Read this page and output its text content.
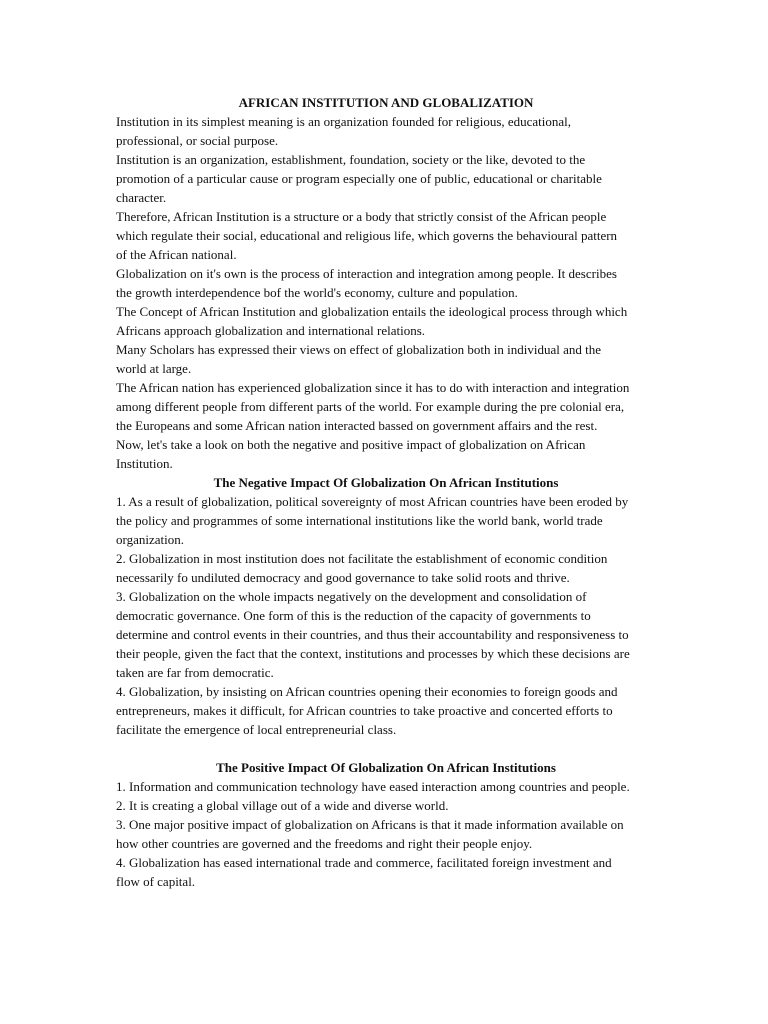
AFRICAN INSTITUTION AND GLOBALIZATION

Institution in its simplest meaning is an organization founded for religious, educational,

professional, or social purpose.

Institution is an organization, establishment, foundation, society or the like, devoted to the

promotion of a particular cause or program especially one of public, educational or charitable

character.

Therefore, African Institution is a structure or a body that strictly consist of the African people

which regulate their social, educational and religious life, which governs the behavioural pattern

of the African national.

Globalization on it's own is the process of interaction and integration among people. It describes

the growth interdependence bof the world's economy, culture and population.

The Concept of African Institution and globalization entails the ideological process through which

Africans approach globalization and international relations.

Many Scholars has expressed their views on effect of globalization both in individual and the

world at large.

The African nation has experienced globalization since it has to do with interaction and integration

among different people from different parts of the world. For example during the pre colonial era,

the Europeans and some African nation interacted bassed on government affairs and the rest.

Now, let's take a look on both the negative and positive impact of globalization on African

Institution.

The Negative Impact Of Globalization On African Institutions

1. As a result of globalization, political sovereignty of most African countries have been eroded by

the policy and programmes of some international institutions like the world bank, world trade

organization.

2. Globalization in most institution does not facilitate the establishment of economic condition

necessarily fo undiluted democracy and good governance to take solid roots and thrive.

3. Globalization on the whole impacts negatively on the development and consolidation of

democratic governance. One form of this is the reduction of the capacity of governments to

determine and control events in their countries, and thus their accountability and responsiveness to

their people, given the fact that the context, institutions and processes by which these decisions are

taken are far from democratic.

4. Globalization, by insisting on African countries opening their economies to foreign goods and

entrepreneurs, makes it difficult, for African countries to take proactive and concerted efforts to

facilitate the emergence of local entrepreneurial class.

The Positive Impact Of Globalization On African Institutions

1. Information and communication technology have eased interaction among countries and people.

2. It is creating a global village out of a wide and diverse world.

3. One major positive impact of globalization on Africans is that it made information available on

how other countries are governed and the freedoms and right their people enjoy.

4. Globalization has eased international trade and commerce, facilitated foreign investment and

flow of capital.
